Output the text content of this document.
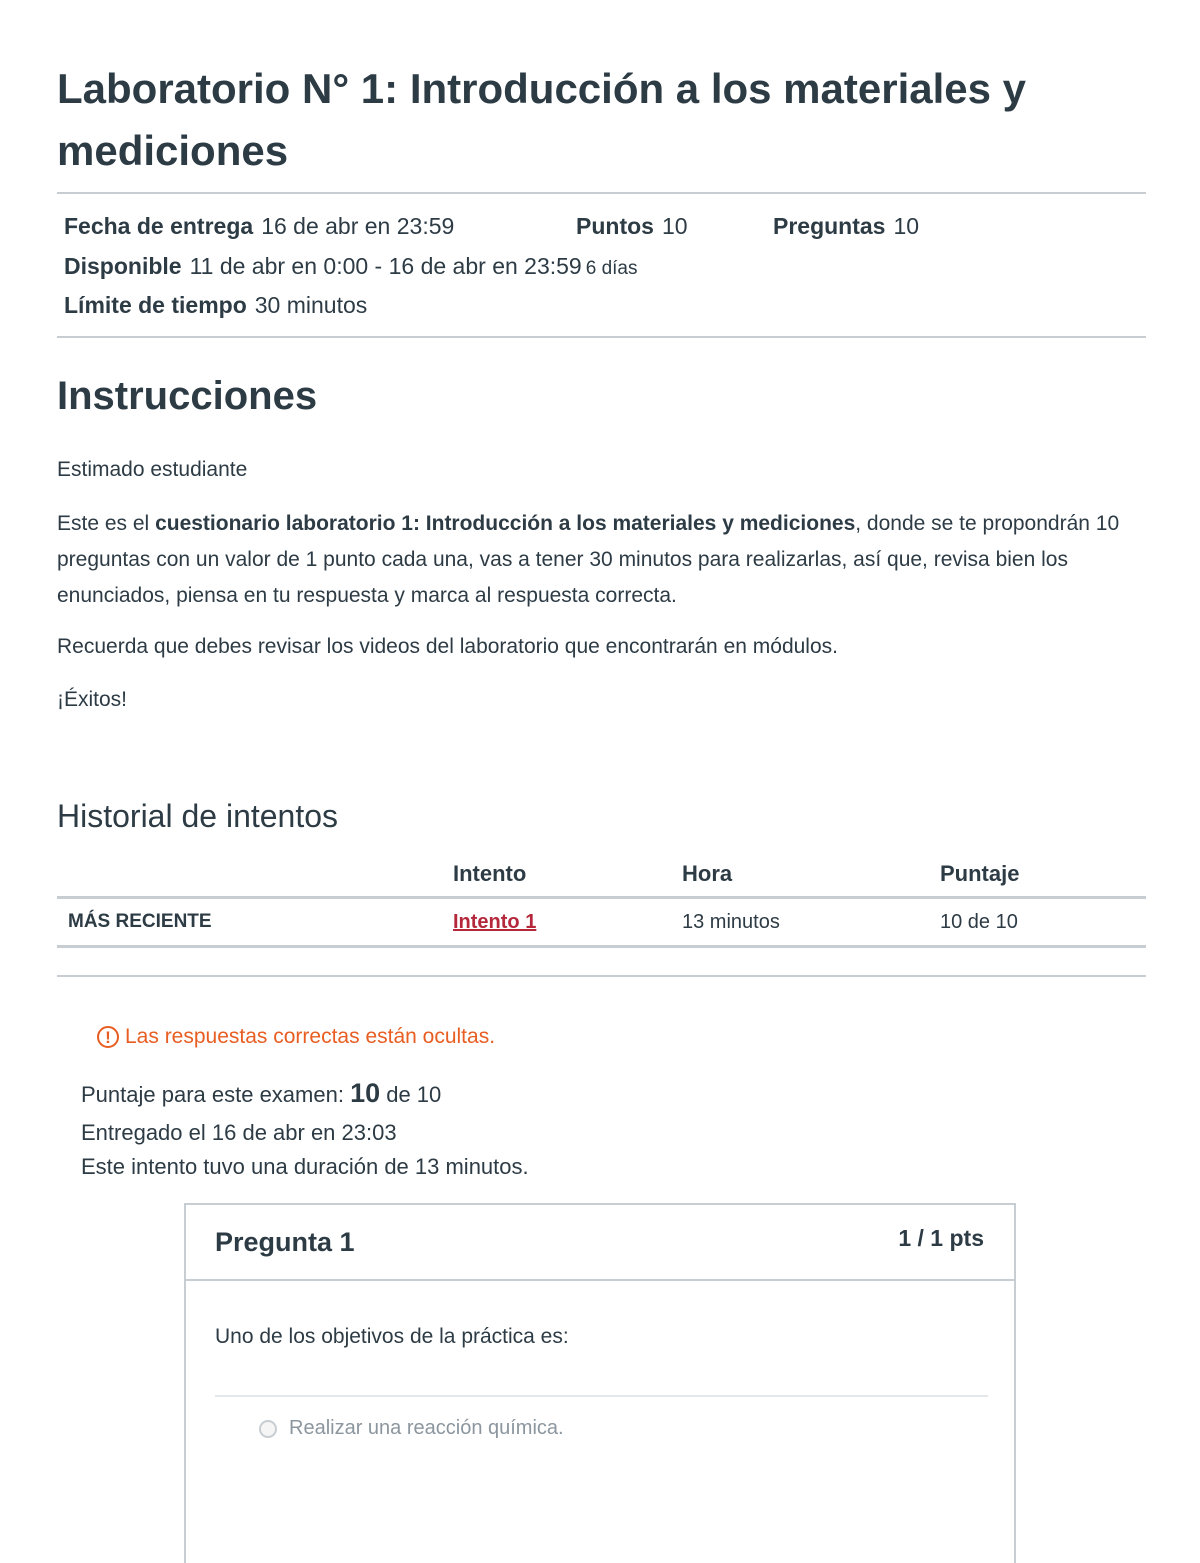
Laboratorio N° 1: Introducción a los materiales y mediciones
Fecha de entrega 16 de abr en 23:59	Puntos 10	Preguntas 10
Disponible 11 de abr en 0:00 - 16 de abr en 23:59 6 días
Límite de tiempo 30 minutos
Instrucciones
Estimado estudiante
Este es el cuestionario laboratorio 1: Introducción a los materiales y mediciones, donde se te propondrán 10 preguntas con un valor de 1 punto cada una, vas a tener 30 minutos para realizarlas, así que, revisa bien los enunciados, piensa en tu respuesta y marca al respuesta correcta.
Recuerda que debes revisar los videos del laboratorio que encontrarán en módulos.
¡Éxitos!
Historial de intentos
	Intento	Hora	Puntaje
MÁS RECIENTE	Intento 1	13 minutos	10 de 10
! Las respuestas correctas están ocultas.
Puntaje para este examen: 10 de 10
Entregado el 16 de abr en 23:03
Este intento tuvo una duración de 13 minutos.
Pregunta 1	1 / 1 pts
Uno de los objetivos de la práctica es:
Realizar una reacción química.
